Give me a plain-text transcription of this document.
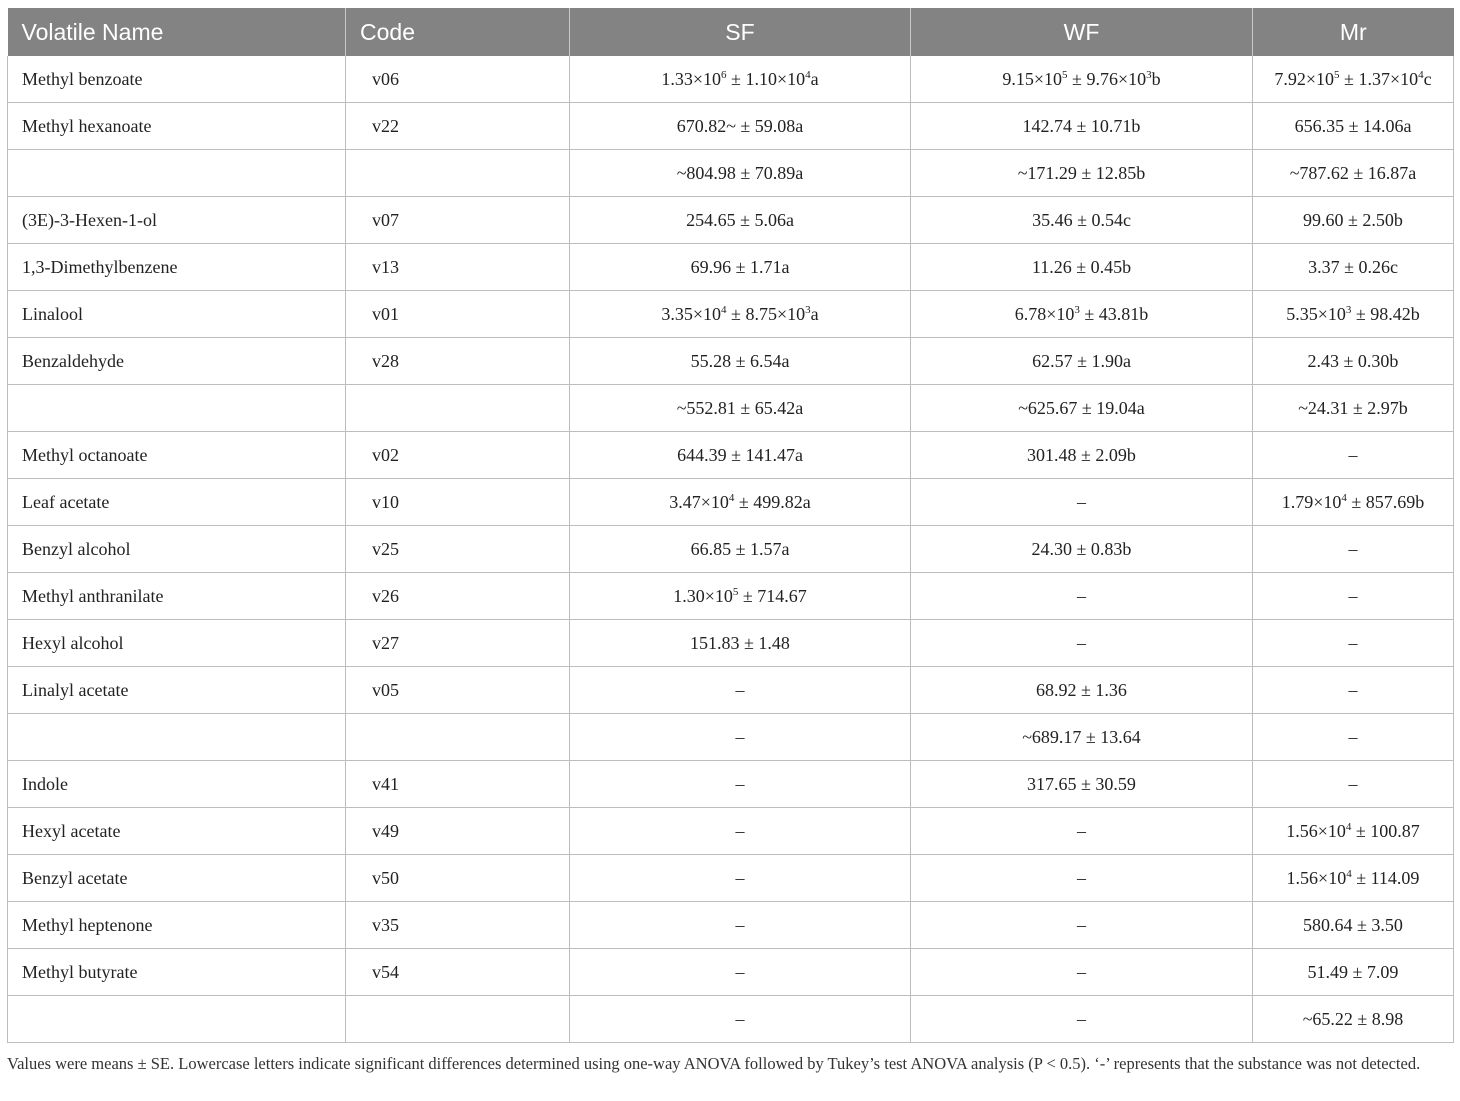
Volatile Name	Code	SF	WF	Mr
Methyl benzoate	v06	$1.33\times 10^6 \pm 1.10\times 10^4a$	$9.15\times 10^5 \pm 9.76\times 10^3b$	$7.92\times 10^5 \pm 1.37\times 10^4c$
Methyl hexanoate	v22	670.82~ ± 59.08a	142.74 ± 10.71b	656.35 ± 14.06a
		~804.98 ± 70.89a	~171.29 ± 12.85b	~787.62 ± 16.87a
(3E)-3-Hexen-1-ol	v07	254.65 ± 5.06a	35.46 ± 0.54c	99.60 ± 2.50b
1,3-Dimethylbenzene	v13	69.96 ± 1.71a	11.26 ± 0.45b	3.37 ± 0.26c
Linalool	v01	$3.35\times 10^4 \pm 8.75\times 10^3a$	$6.78\times 10^3 \pm 43.81b$	$5.35\times 10^3 \pm 98.42b$
Benzaldehyde	v28	55.28 ± 6.54a	62.57 ± 1.90a	2.43 ± 0.30b
		~552.81 ± 65.42a	~625.67 ± 19.04a	~24.31 ± 2.97b
Methyl octanoate	v02	644.39 ± 141.47a	301.48 ± 2.09b	–
Leaf acetate	v10	$3.47\times 10^4 \pm 499.82a$	–	$1.79\times 10^4 \pm 857.69b$
Benzyl alcohol	v25	66.85 ± 1.57a	24.30 ± 0.83b	–
Methyl anthranilate	v26	$1.30\times 10^5 \pm 714.67$	–	–
Hexyl alcohol	v27	151.83 ± 1.48	–	–
Linalyl acetate	v05	–	68.92 ± 1.36	–
		–	~689.17 ± 13.64	–
Indole	v41	–	317.65 ± 30.59	–
Hexyl acetate	v49	–	–	$1.56\times 10^4 \pm 100.87$
Benzyl acetate	v50	–	–	$1.56\times 10^4 \pm 114.09$
Methyl heptenone	v35	–	–	580.64 ± 3.50
Methyl butyrate	v54	–	–	51.49 ± 7.09
		–	–	~65.22 ± 8.98
Values were means ± SE. Lowercase letters indicate significant differences determined using one-way ANOVA followed by Tukey’s test ANOVA analysis (P < 0.5). ‘-’ represents that the substance was not detected.
